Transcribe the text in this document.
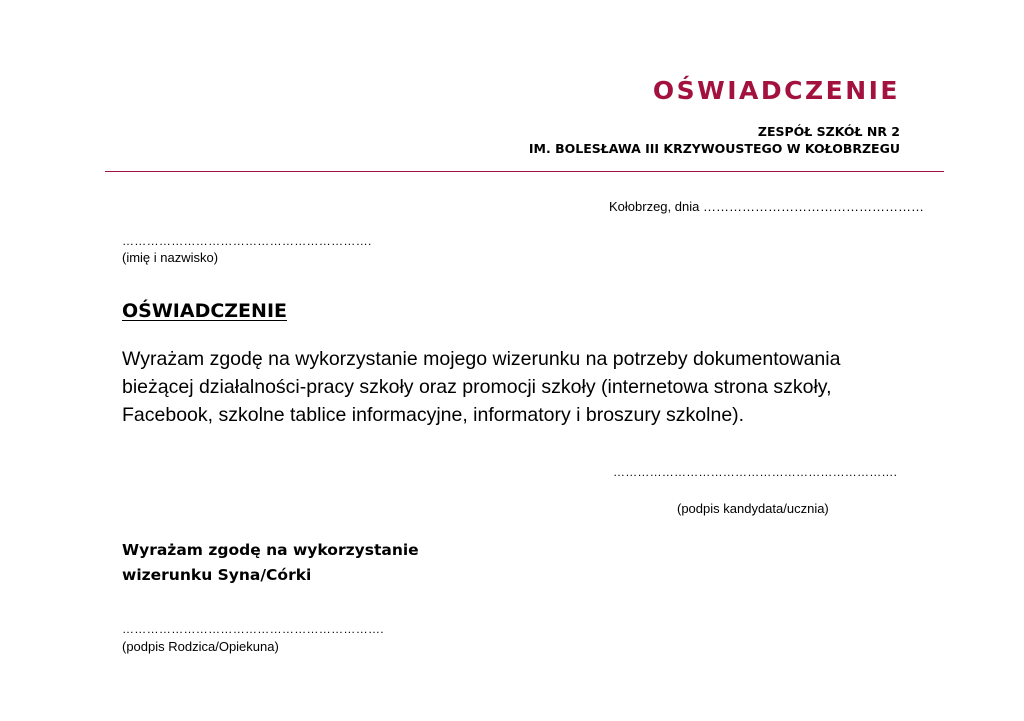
OŚWIADCZENIE
ZESPÓŁ SZKÓŁ NR 2
IM. BOLESŁAWA III KRZYWOUSTEGO W KOŁOBRZEGU
Kołobrzeg, dnia ……………………………………………
…………………………………………………….
(imię i nazwisko)
OŚWIADCZENIE
Wyrażam zgodę na wykorzystanie mojego wizerunku na potrzeby dokumentowania
bieżącej działalności-pracy szkoły oraz promocji szkoły (internetowa strona szkoły,
Facebook, szkolne tablice informacyjne, informatory i broszury szkolne).
…………………………………………………………….
(podpis kandydata/ucznia)
Wyrażam zgodę na wykorzystanie
wizerunku Syna/Córki
……………………………………………………….
(podpis Rodzica/Opiekuna)
